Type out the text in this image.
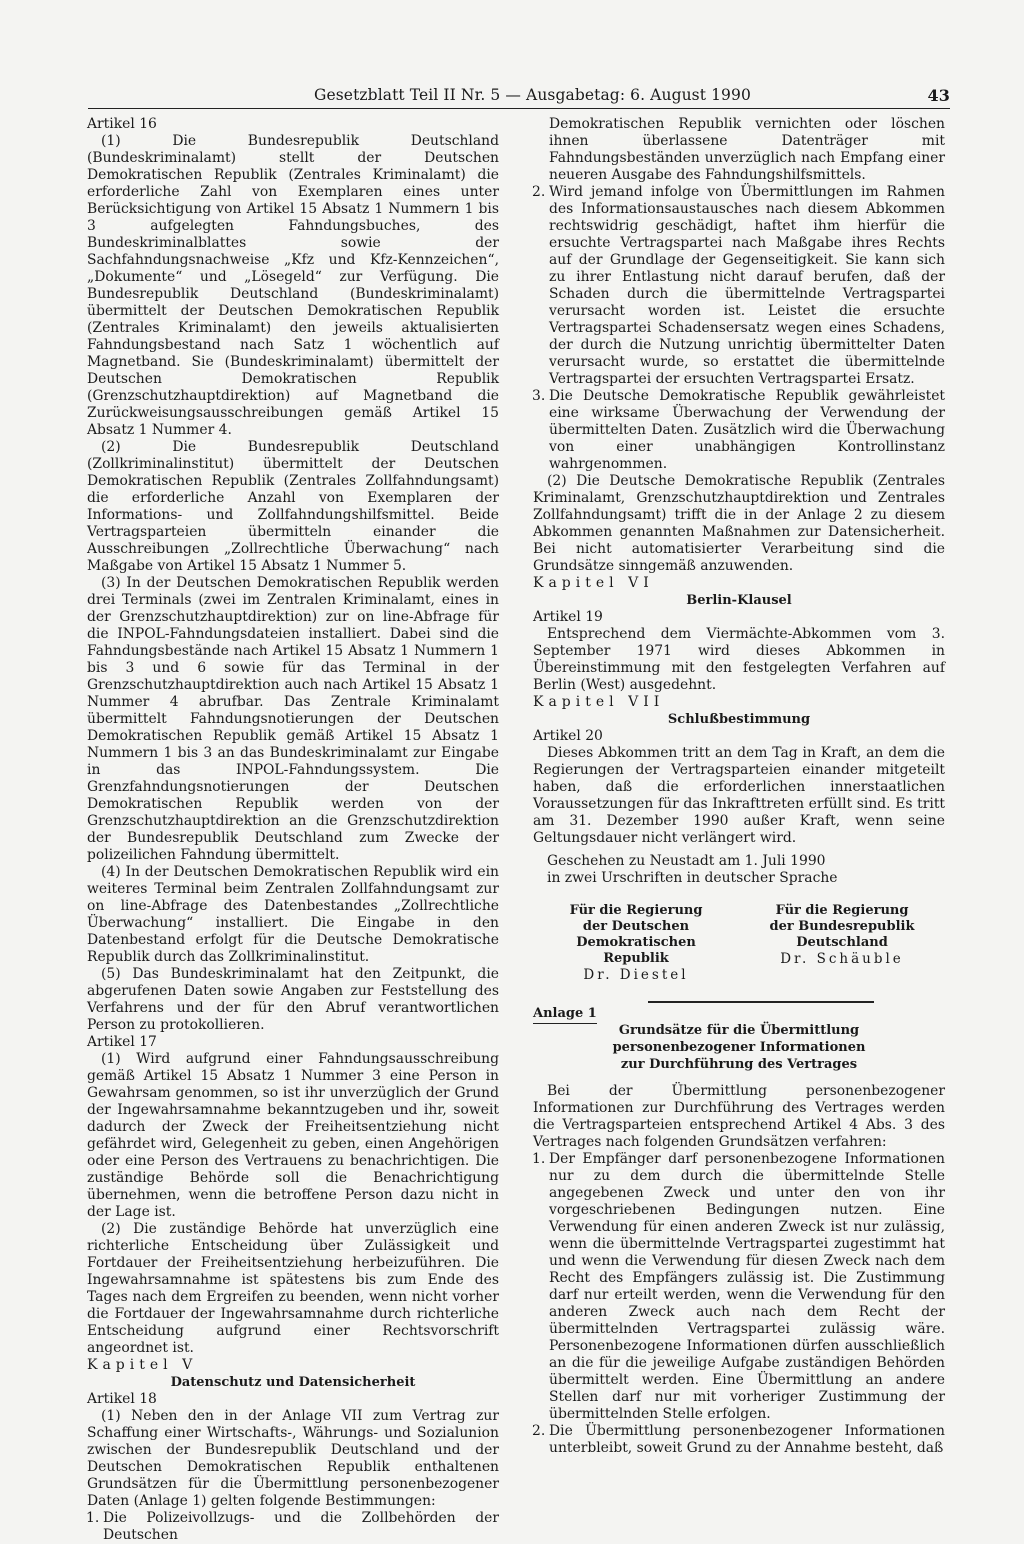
Gesetzblatt Teil II Nr. 5 — Ausgabetag: 6. August 1990	43

Artikel 16

(1) Die Bundesrepublik Deutschland (Bundeskriminalamt) stellt der Deutschen Demokratischen Republik (Zentrales Kriminalamt) die erforderliche Zahl von Exemplaren eines unter Berücksichtigung von Artikel 15 Absatz 1 Nummern 1 bis 3 aufgelegten Fahndungsbuches, des Bundeskriminalblattes sowie der Sachfahndungsnachweise „Kfz und Kfz-Kennzeichen“, „Dokumente“ und „Lösegeld“ zur Verfügung. Die Bundesrepublik Deutschland (Bundeskriminalamt) übermittelt der Deutschen Demokratischen Republik (Zentrales Kriminalamt) den jeweils aktualisierten Fahndungsbestand nach Satz 1 wöchentlich auf Magnetband. Sie (Bundeskriminalamt) übermittelt der Deutschen Demokratischen Republik (Grenzschutzhauptdirektion) auf Magnetband die Zurückweisungsausschreibungen gemäß Artikel 15 Absatz 1 Nummer 4.

(2) Die Bundesrepublik Deutschland (Zollkriminalinstitut) übermittelt der Deutschen Demokratischen Republik (Zentrales Zollfahndungsamt) die erforderliche Anzahl von Exemplaren der Informations- und Zollfahndungshilfsmittel. Beide Vertragsparteien übermitteln einander die Ausschreibungen „Zollrechtliche Überwachung“ nach Maßgabe von Artikel 15 Absatz 1 Nummer 5.

(3) In der Deutschen Demokratischen Republik werden drei Terminals (zwei im Zentralen Kriminalamt, eines in der Grenzschutzhauptdirektion) zur on line-Abfrage für die INPOL-Fahndungsdateien installiert. Dabei sind die Fahndungsbestände nach Artikel 15 Absatz 1 Nummern 1 bis 3 und 6 sowie für das Terminal in der Grenzschutzhauptdirektion auch nach Artikel 15 Absatz 1 Nummer 4 abrufbar. Das Zentrale Kriminalamt übermittelt Fahndungsnotierungen der Deutschen Demokratischen Republik gemäß Artikel 15 Absatz 1 Nummern 1 bis 3 an das Bundeskriminalamt zur Eingabe in das INPOL-Fahndungssystem. Die Grenzfahndungsnotierungen der Deutschen Demokratischen Republik werden von der Grenzschutzhauptdirektion an die Grenzschutzdirektion der Bundesrepublik Deutschland zum Zwecke der polizeilichen Fahndung übermittelt.

(4) In der Deutschen Demokratischen Republik wird ein weiteres Terminal beim Zentralen Zollfahndungsamt zur on line-Abfrage des Datenbestandes „Zollrechtliche Überwachung“ installiert. Die Eingabe in den Datenbestand erfolgt für die Deutsche Demokratische Republik durch das Zollkriminalinstitut.

(5) Das Bundeskriminalamt hat den Zeitpunkt, die abgerufenen Daten sowie Angaben zur Feststellung des Verfahrens und der für den Abruf verantwortlichen Person zu protokollieren.

Artikel 17

(1) Wird aufgrund einer Fahndungsausschreibung gemäß Artikel 15 Absatz 1 Nummer 3 eine Person in Gewahrsam genommen, so ist ihr unverzüglich der Grund der Ingewahrsamnahme bekanntzugeben und ihr, soweit dadurch der Zweck der Freiheitsentziehung nicht gefährdet wird, Gelegenheit zu geben, einen Angehörigen oder eine Person des Vertrauens zu benachrichtigen. Die zuständige Behörde soll die Benachrichtigung übernehmen, wenn die betroffene Person dazu nicht in der Lage ist.

(2) Die zuständige Behörde hat unverzüglich eine richterliche Entscheidung über Zulässigkeit und Fortdauer der Freiheitsentziehung herbeizuführen. Die Ingewahrsamnahme ist spätestens bis zum Ende des Tages nach dem Ergreifen zu beenden, wenn nicht vorher die Fortdauer der Ingewahrsamnahme durch richterliche Entscheidung aufgrund einer Rechtsvorschrift angeordnet ist.

Kapitel V

Datenschutz und Datensicherheit

Artikel 18

(1) Neben den in der Anlage VII zum Vertrag zur Schaffung einer Wirtschafts-, Währungs- und Sozialunion zwischen der Bundesrepublik Deutschland und der Deutschen Demokratischen Republik enthaltenen Grundsätzen für die Übermittlung personenbezogener Daten (Anlage 1) gelten folgende Bestimmungen:

1. Die Polizeivollzugs- und die Zollbehörden der Deutschen

Demokratischen Republik vernichten oder löschen ihnen überlassene Datenträger mit Fahndungsbeständen unverzüglich nach Empfang einer neueren Ausgabe des Fahndungshilfsmittels.

2. Wird jemand infolge von Übermittlungen im Rahmen des Informationsaustausches nach diesem Abkommen rechtswidrig geschädigt, haftet ihm hierfür die ersuchte Vertragspartei nach Maßgabe ihres Rechts auf der Grundlage der Gegenseitigkeit. Sie kann sich zu ihrer Entlastung nicht darauf berufen, daß der Schaden durch die übermittelnde Vertragspartei verursacht worden ist. Leistet die ersuchte Vertragspartei Schadensersatz wegen eines Schadens, der durch die Nutzung unrichtig übermittelter Daten verursacht wurde, so erstattet die übermittelnde Vertragspartei der ersuchten Vertragspartei Ersatz.
3. Die Deutsche Demokratische Republik gewährleistet eine wirksame Überwachung der Verwendung der übermittelten Daten. Zusätzlich wird die Überwachung von einer unabhängigen Kontrollinstanz wahrgenommen.

(2) Die Deutsche Demokratische Republik (Zentrales Kriminalamt, Grenzschutzhauptdirektion und Zentrales Zollfahndungsamt) trifft die in der Anlage 2 zu diesem Abkommen genannten Maßnahmen zur Datensicherheit. Bei nicht automatisierter Verarbeitung sind die Grundsätze sinngemäß anzuwenden.

Kapitel VI

Berlin-Klausel

Artikel 19

Entsprechend dem Viermächte-Abkommen vom 3. September 1971 wird dieses Abkommen in Übereinstimmung mit den festgelegten Verfahren auf Berlin (West) ausgedehnt.

Kapitel VII

Schlußbestimmung

Artikel 20

Dieses Abkommen tritt an dem Tag in Kraft, an dem die Regierungen der Vertragsparteien einander mitgeteilt haben, daß die erforderlichen innerstaatlichen Voraussetzungen für das Inkrafttreten erfüllt sind. Es tritt am 31. Dezember 1990 außer Kraft, wenn seine Geltungsdauer nicht verlängert wird.

Geschehen zu Neustadt am 1. Juli 1990

in zwei Urschriften in deutscher Sprache

Für die Regierung
der Deutschen Demokratischen
Republik
Dr. Diestel
Für die Regierung
der Bundesrepublik
Deutschland
Dr. Schäuble

Anlage 1

Grundsätze für die Übermittlung

personenbezogener Informationen

zur Durchführung des Vertrages

Bei der Übermittlung personenbezogener Informationen zur Durchführung des Vertrages werden die Vertragsparteien entsprechend Artikel 4 Abs. 3 des Vertrages nach folgenden Grundsätzen verfahren:

1. Der Empfänger darf personenbezogene Informationen nur zu dem durch die übermittelnde Stelle angegebenen Zweck und unter den von ihr vorgeschriebenen Bedingungen nutzen. Eine Verwendung für einen anderen Zweck ist nur zulässig, wenn die übermittelnde Vertragspartei zugestimmt hat und wenn die Verwendung für diesen Zweck nach dem Recht des Empfängers zulässig ist. Die Zustimmung darf nur erteilt werden, wenn die Verwendung für den anderen Zweck auch nach dem Recht der übermittelnden Vertragspartei zulässig wäre. Personenbezogene Informationen dürfen ausschließlich an die für die jeweilige Aufgabe zuständigen Behörden übermittelt werden. Eine Übermittlung an andere Stellen darf nur mit vorheriger Zustimmung der übermittelnden Stelle erfolgen.
2. Die Übermittlung personenbezogener Informationen unterbleibt, soweit Grund zu der Annahme besteht, daß
